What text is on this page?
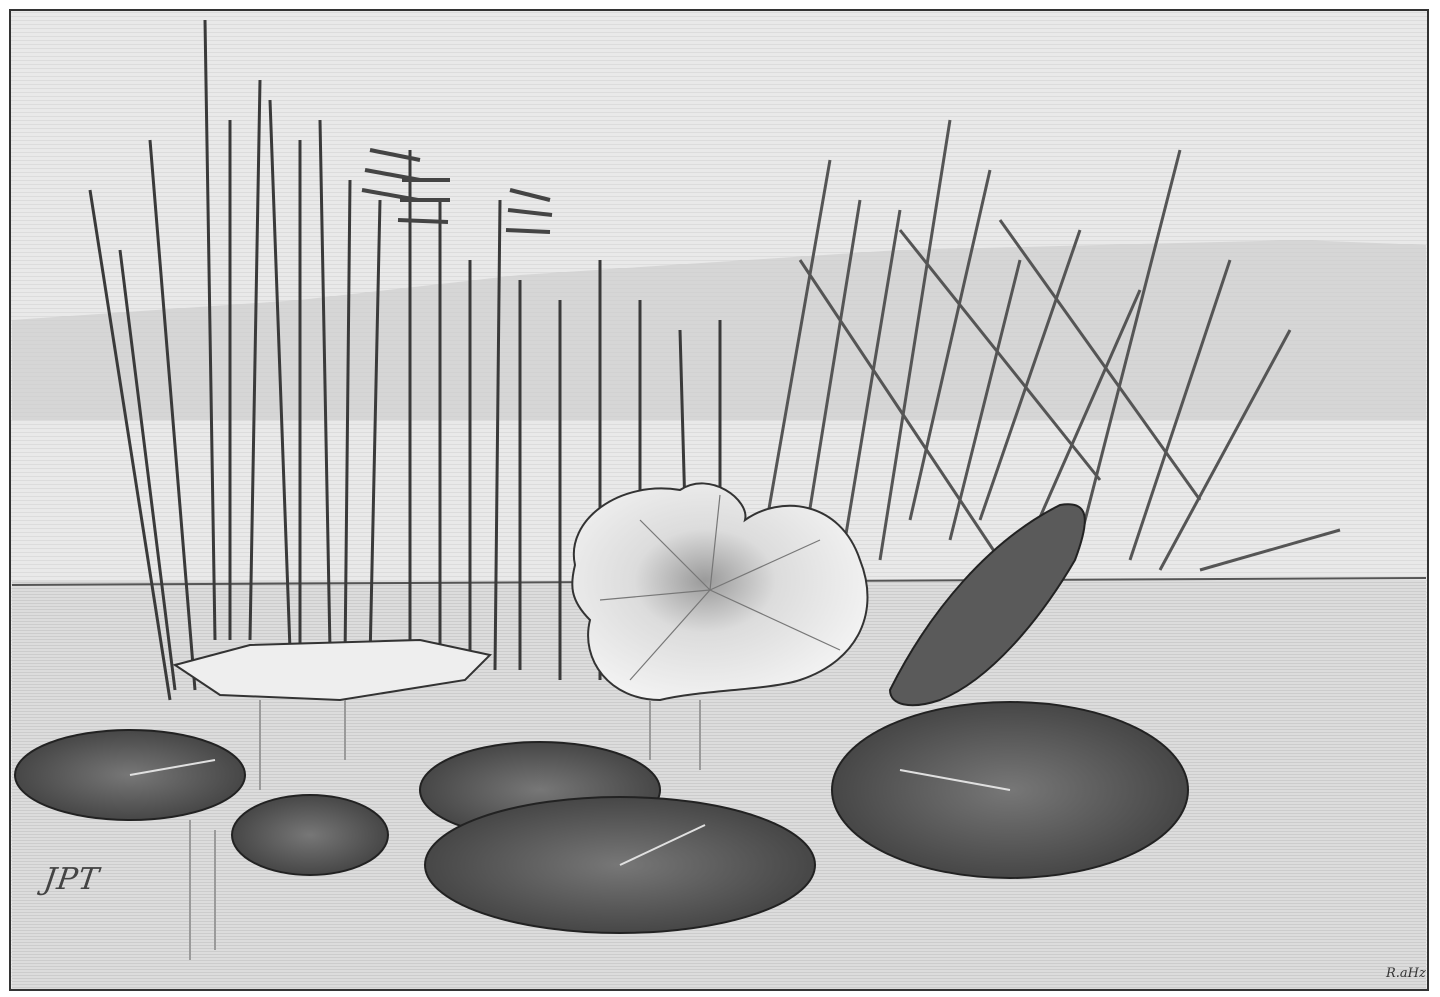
JPT
R.aHz
